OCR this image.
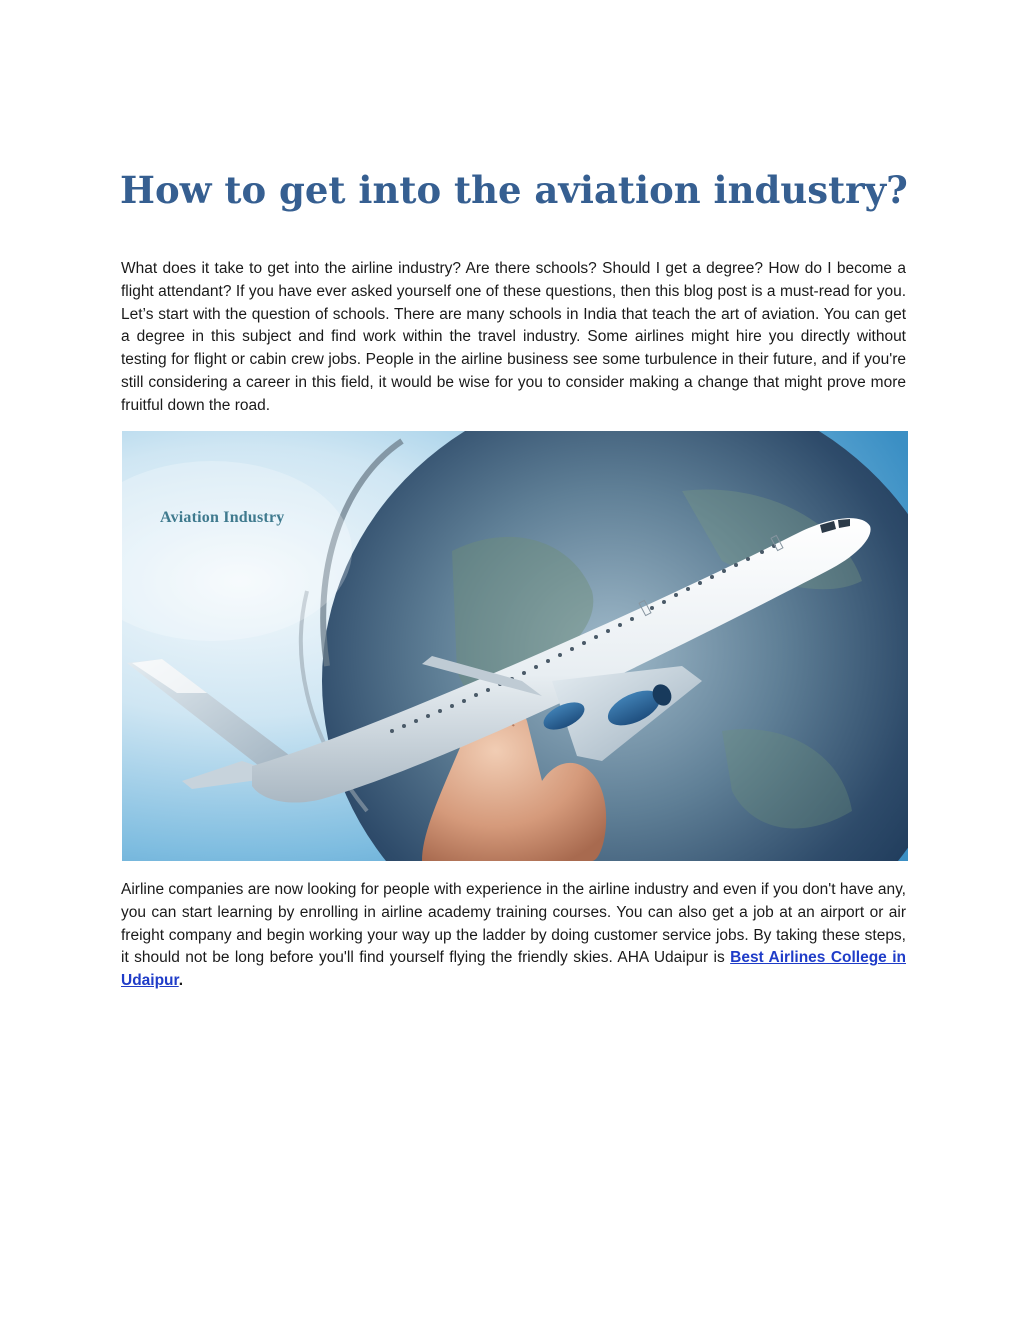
How to get into the aviation industry?

What does it take to get into the airline industry? Are there schools? Should I get a degree? How do I become a flight attendant? If you have ever asked yourself one of these questions, then this blog post is a must-read for you. Let’s start with the question of schools. There are many schools in India that teach the art of aviation. You can get a degree in this subject and find work within the travel industry. Some airlines might hire you directly without testing for flight or cabin crew jobs. People in the airline business see some turbulence in their future, and if you're still considering a career in this field, it would be wise for you to consider making a change that might prove more fruitful down the road.

Aviation Industry

Airline companies are now looking for people with experience in the airline industry and even if you don't have any, you can start learning by enrolling in airline academy training courses. You can also get a job at an airport or air freight company and begin working your way up the ladder by doing customer service jobs. By taking these steps, it should not be long before you'll find yourself flying the friendly skies. AHA Udaipur is Best Airlines College in Udaipur.
